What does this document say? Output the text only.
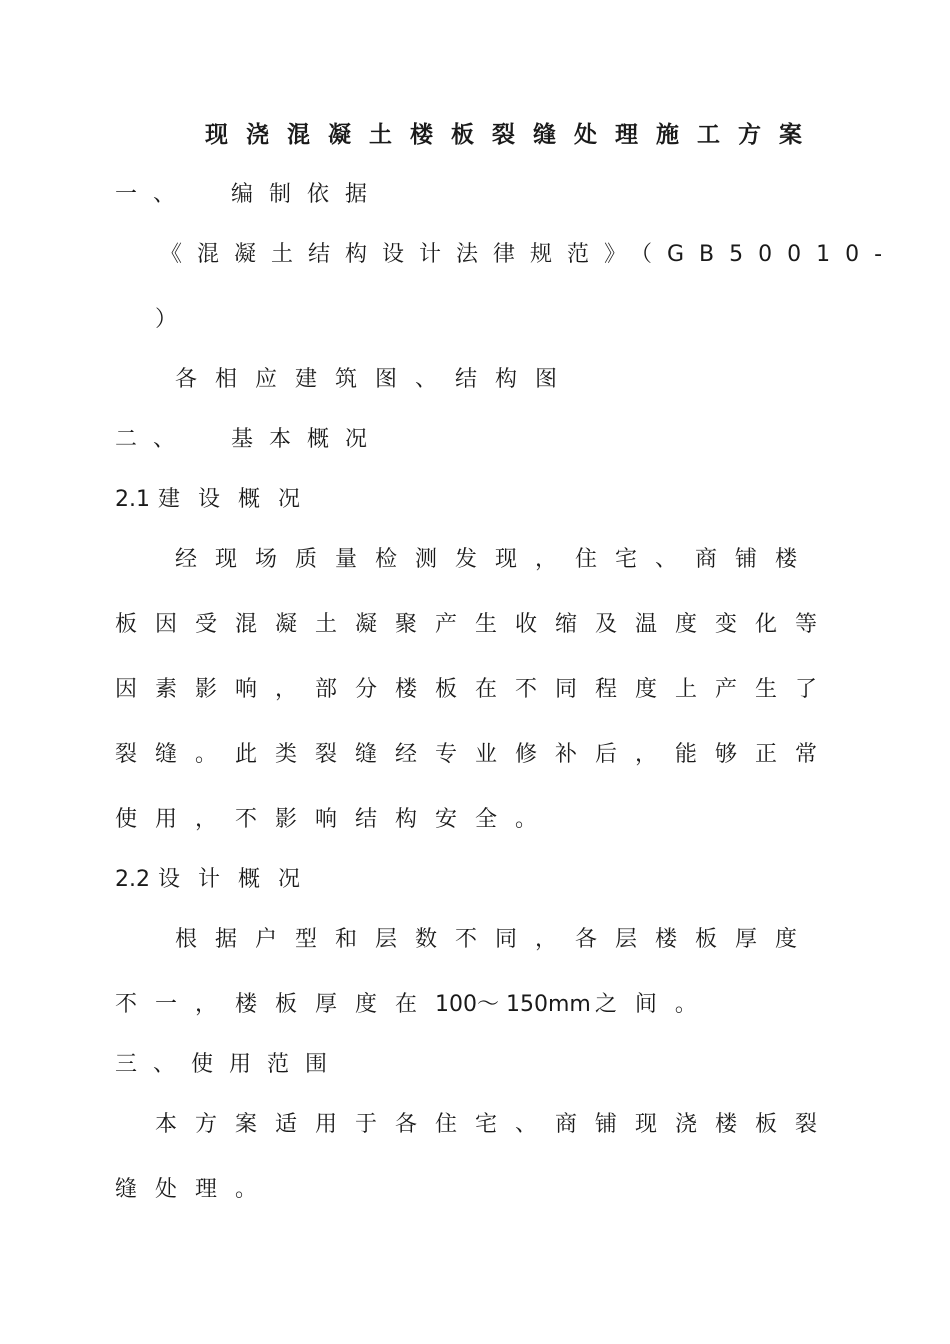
现浇混凝土楼板裂缝处理施工方案
一、 编制依据
《混凝土结构设计法律规范》（GB50010-
）
各相应建筑图、结构图
二、 基本概况
2.1 建设概况
经现场质量检测发现，住宅、商铺楼
板因受混凝土凝聚产生收缩及温度变化等
因素影响，部分楼板在不同程度上产生了
裂缝。此类裂缝经专业修补后，能够正常
使用，不影响结构安全。
2.2 设计概况
根据户型和层数不同，各层楼板厚度
不一，楼板厚度在100～ 150mm 之间。
三、使用范围
本方案适用于各住宅、商铺现浇楼板裂
缝处理。
